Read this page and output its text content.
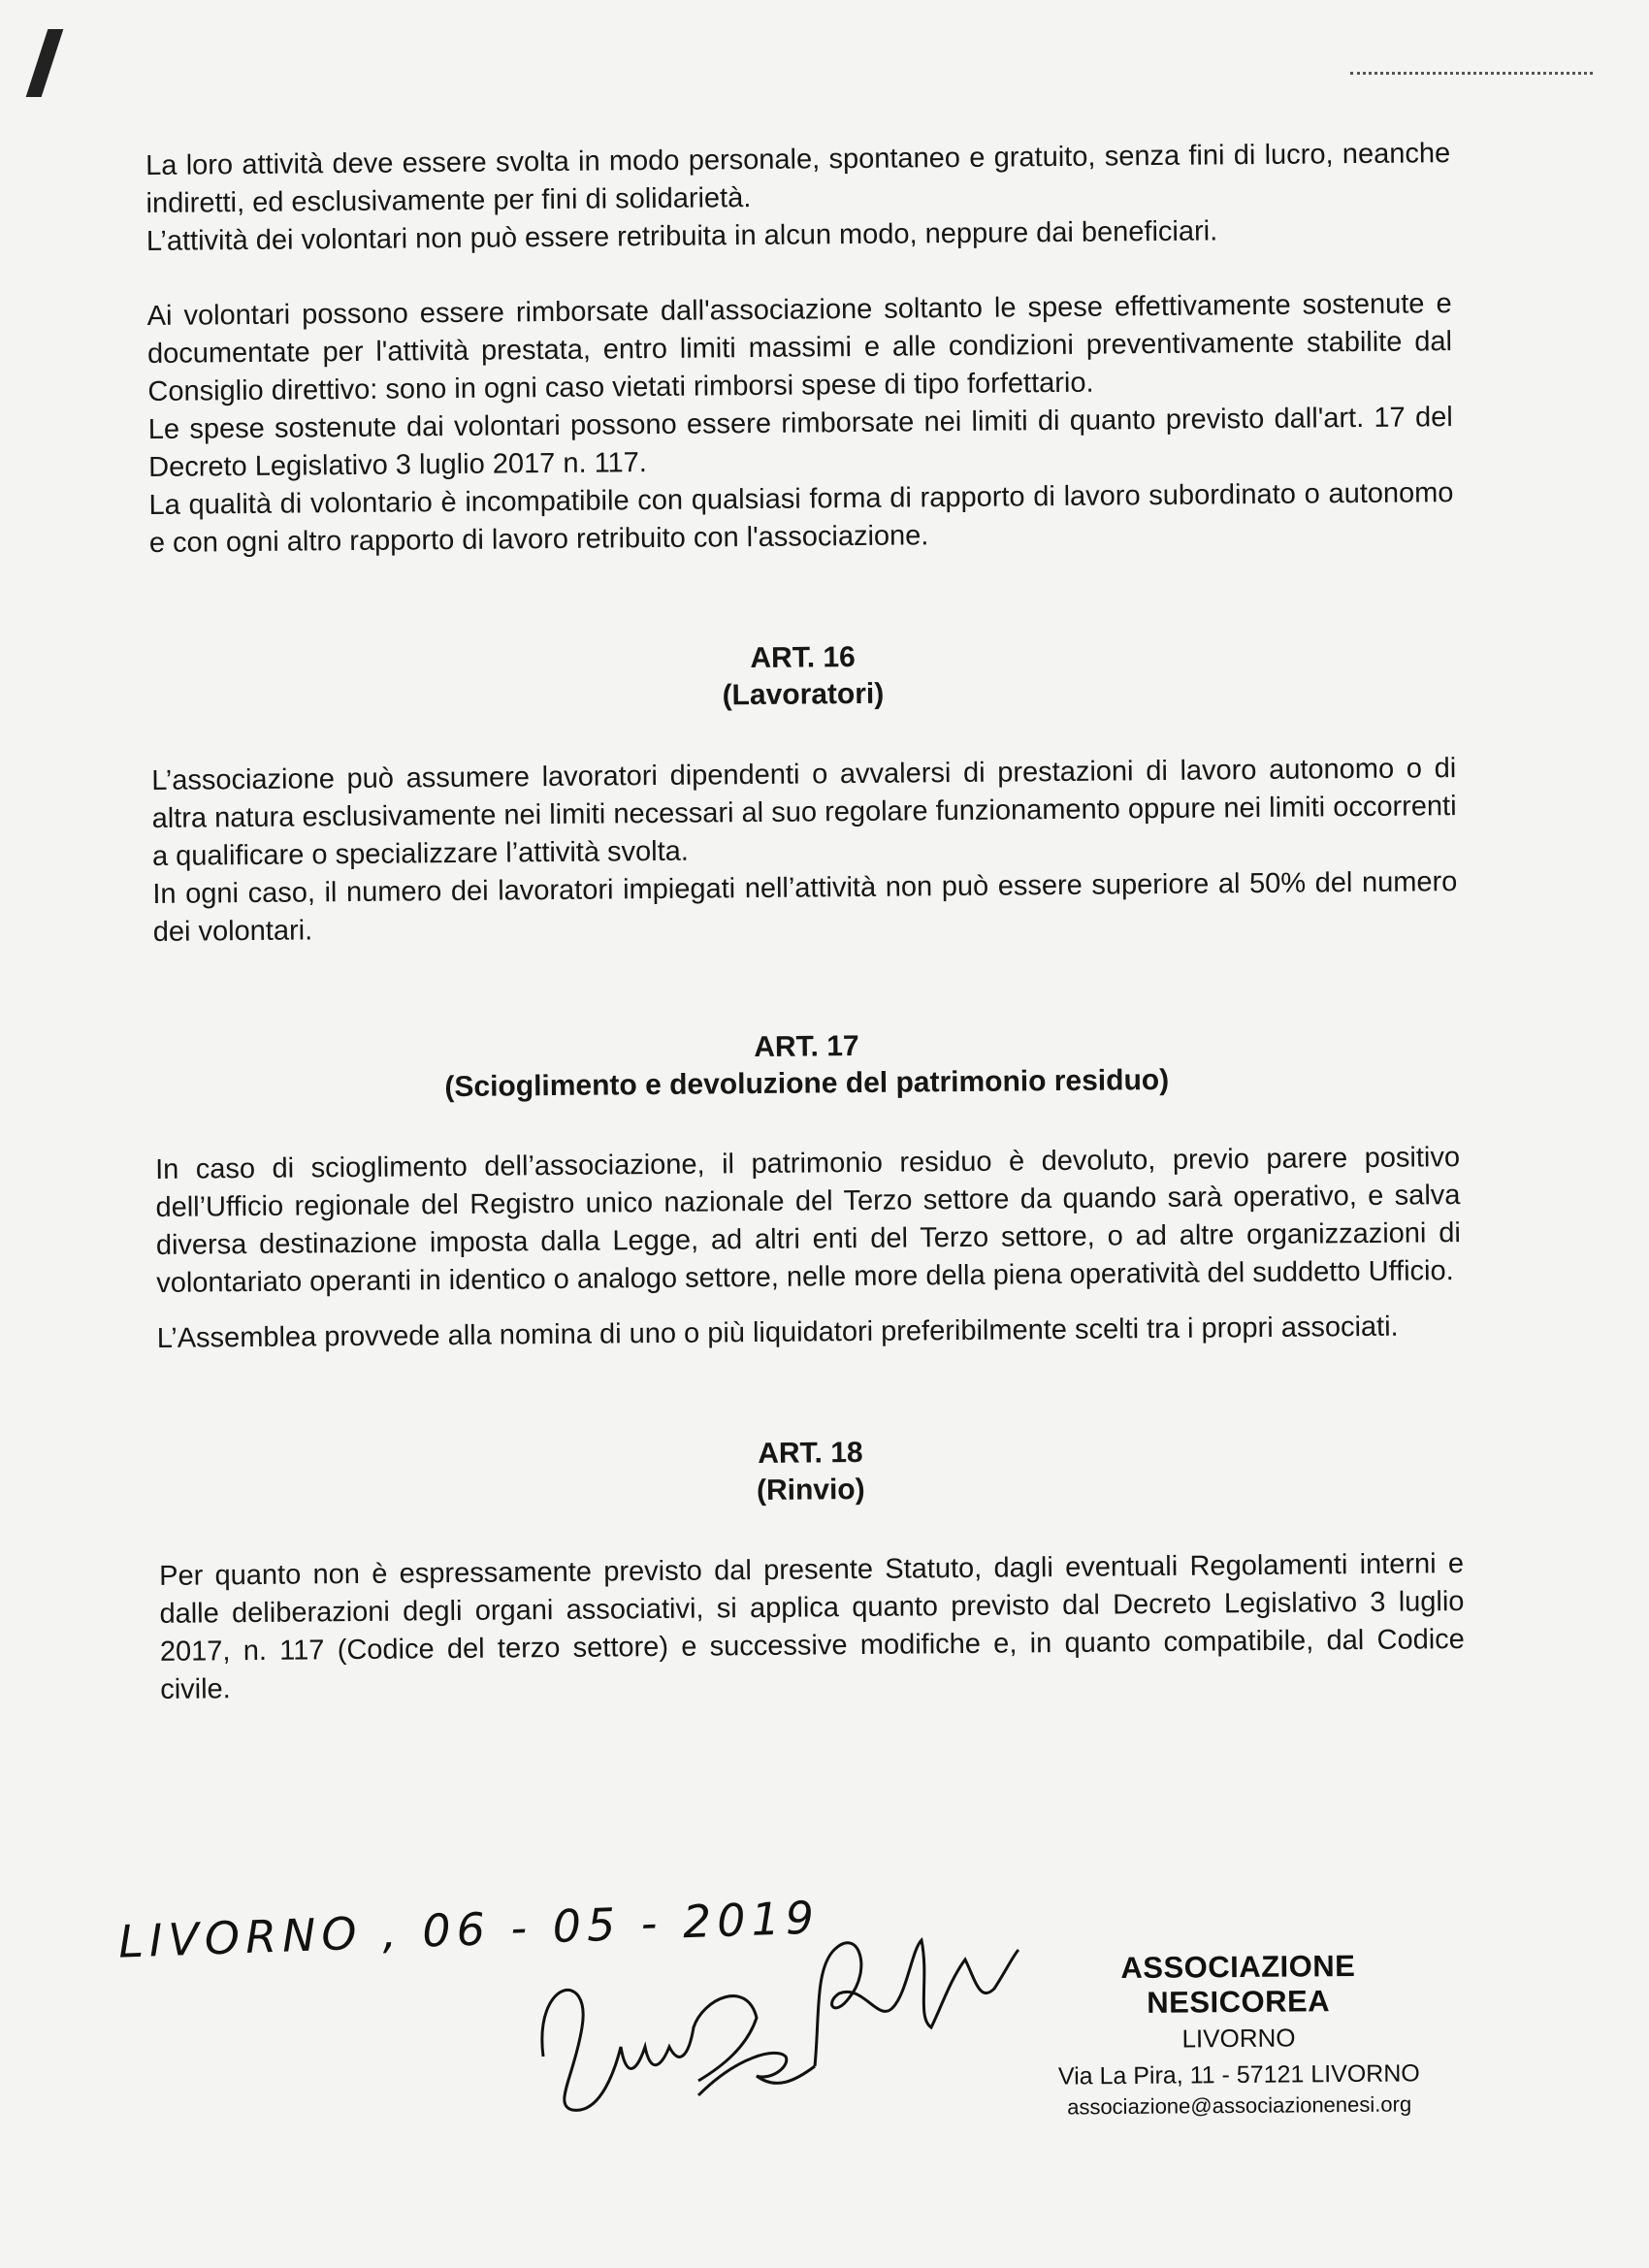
La loro attività deve essere svolta in modo personale, spontaneo e gratuito, senza fini di lucro, neanche indiretti, ed esclusivamente per fini di solidarietà.

L’attività dei volontari non può essere retribuita in alcun modo, neppure dai beneficiari.

Ai volontari possono essere rimborsate dall'associazione soltanto le spese effettivamente sostenute e documentate per l'attività prestata, entro limiti massimi e alle condizioni preventivamente stabilite dal Consiglio direttivo: sono in ogni caso vietati rimborsi spese di tipo forfettario.

Le spese sostenute dai volontari possono essere rimborsate nei limiti di quanto previsto dall'art. 17 del Decreto Legislativo 3 luglio 2017 n. 117.

La qualità di volontario è incompatibile con qualsiasi forma di rapporto di lavoro subordinato o autonomo e con ogni altro rapporto di lavoro retribuito con l'associazione.

ART. 16
(Lavoratori)

L’associazione può assumere lavoratori dipendenti o avvalersi di prestazioni di lavoro autonomo o di altra natura esclusivamente nei limiti necessari al suo regolare funzionamento oppure nei limiti occorrenti a qualificare o specializzare l’attività svolta.

In ogni caso, il numero dei lavoratori impiegati nell’attività non può essere superiore al 50% del numero dei volontari.

ART. 17
(Scioglimento e devoluzione del patrimonio residuo)

In caso di scioglimento dell’associazione, il patrimonio residuo è devoluto, previo parere positivo dell’Ufficio regionale del Registro unico nazionale del Terzo settore da quando sarà operativo, e salva diversa destinazione imposta dalla Legge, ad altri enti del Terzo settore, o ad altre organizzazioni di volontariato operanti in identico o analogo settore, nelle more della piena operatività del suddetto Ufficio.

L’Assemblea provvede alla nomina di uno o più liquidatori preferibilmente scelti tra i propri associati.

ART. 18
(Rinvio)

Per quanto non è espressamente previsto dal presente Statuto, dagli eventuali Regolamenti interni e dalle deliberazioni degli organi associativi, si applica quanto previsto dal Decreto Legislativo 3 luglio 2017, n. 117 (Codice del terzo settore) e successive modifiche e, in quanto compatibile, dal Codice civile.

LIVORNO , 06 - 05 - 2019	ASSOCIAZIONE NESICOREA
LIVORNO
Via La Pira, 11 - 57121 LIVORNO
associazione@associazionenesi.org
